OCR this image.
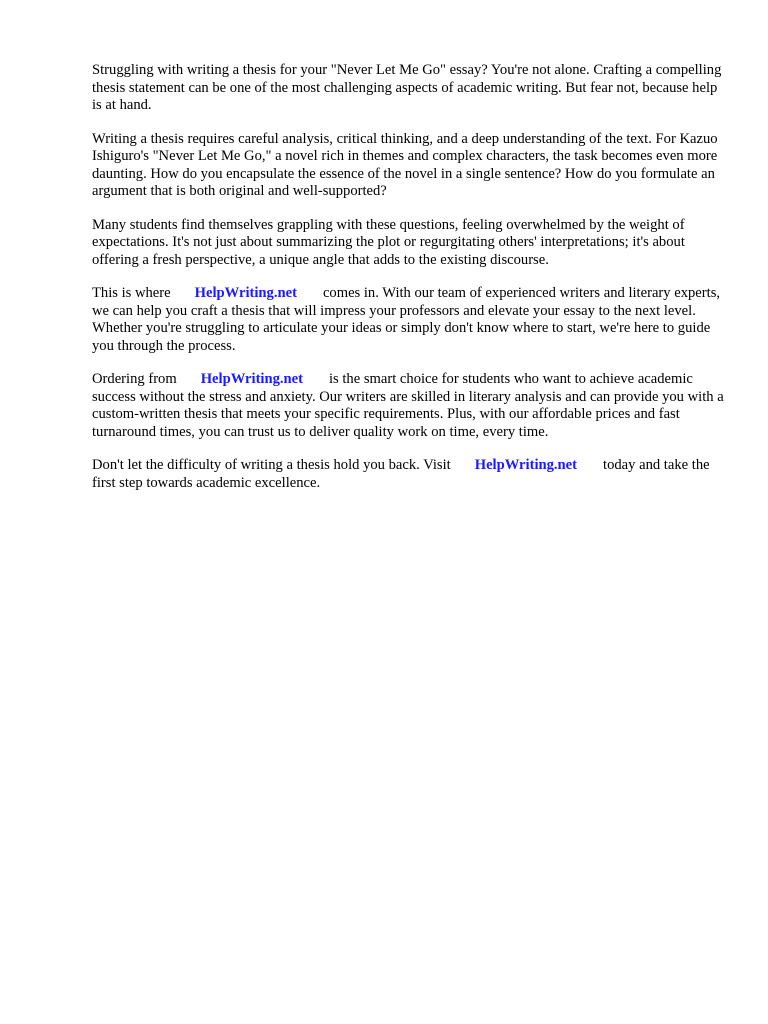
Struggling with writing a thesis for your "Never Let Me Go" essay? You're not alone. Crafting a compelling thesis statement can be one of the most challenging aspects of academic writing. But fear not, because help is at hand.

Writing a thesis requires careful analysis, critical thinking, and a deep understanding of the text. For Kazuo Ishiguro's "Never Let Me Go," a novel rich in themes and complex characters, the task becomes even more daunting. How do you encapsulate the essence of the novel in a single sentence? How do you formulate an argument that is both original and well-supported?

Many students find themselves grappling with these questions, feeling overwhelmed by the weight of expectations. It's not just about summarizing the plot or regurgitating others' interpretations; it's about offering a fresh perspective, a unique angle that adds to the existing discourse.

This is where HelpWriting.net comes in. With our team of experienced writers and literary experts, we can help you craft a thesis that will impress your professors and elevate your essay to the next level. Whether you're struggling to articulate your ideas or simply don't know where to start, we're here to guide you through the process.

Ordering from HelpWriting.net is the smart choice for students who want to achieve academic success without the stress and anxiety. Our writers are skilled in literary analysis and can provide you with a custom-written thesis that meets your specific requirements. Plus, with our affordable prices and fast turnaround times, you can trust us to deliver quality work on time, every time.

Don't let the difficulty of writing a thesis hold you back. Visit HelpWriting.net today and take the first step towards academic excellence.
